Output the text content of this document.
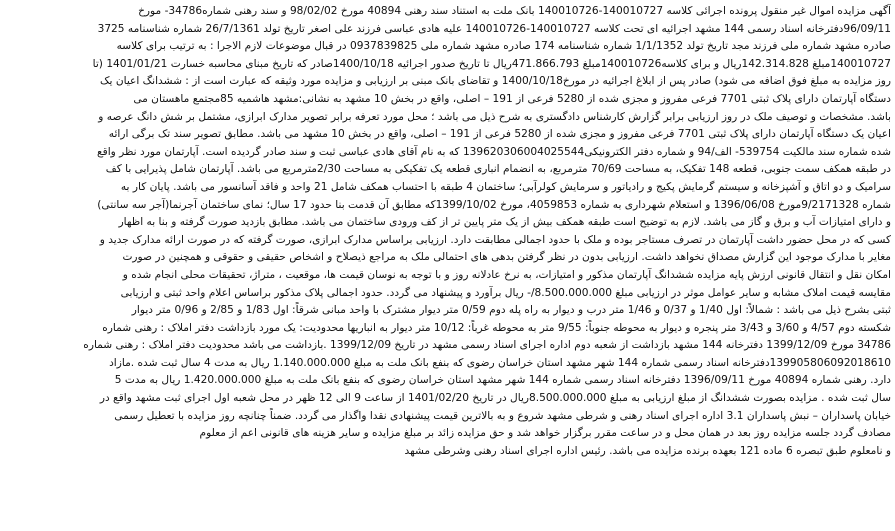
آگهی مزایده اموال غیر منقول پرونده اجرائی کلاسه 140010727-140010726 بانک ملت به استناد سند رهنی 40894 مورخ 98/02/02 و سند رهنی شماره34786- مورخ
96/09/11دفترخانه اسناد رسمی 144 مشهد اجرائیه ای تحت کلاسه 140010727-140010726 علیه هادی عباسی فرزند علی اصغر تاریخ تولد 26/7/1361 شماره شناسنامه 3725
صادره مشهد شماره ملی فرزند مجد تاریخ تولد 1/1/1352 شماره شناسنامه 174 صادره مشهد شماره ملی 0937839825 در قبال موضوعات لازم الاجرا : به ترتیب برای کلاسه
140010727مبلغ 142.314.828ریال و برای کلاسه140010726مبلغ 471.866.793ریال تا تاریخ صدور اجرائیه 1400/10/18صادر که تاریخ مبنای محاسبه خسارت 1401/01/21 (تا
روز مزایده به مبلغ فوق اضافه می شود) صادر پس از ابلاغ اجرائیه در مورخ1400/10/18 و تقاضای بانک مبنی بر ارزیابی و مزایده مورد وثیقه که عبارت است از : ششدانگ اعیان یک
دستگاه آپارتمان دارای پلاک ثبتی 7701 فرعی مفروز و مجزی شده از 5280 فرعی از 191 – اصلی، واقع در بخش 10 مشهد به نشانی:مشهد هاشمیه 85مجتمع ماهستان می
باشد. مشخصات و توصیف ملک در روز ارزیابی برابر گزارش کارشناس دادگستری به شرح ذیل می باشد ؛ محل مورد تعرفه برابر تصویر مدارک ابرازی، مشتمل بر شش دانگ عرصه و
اعیان یک دستگاه آپارتمان دارای پلاک ثبتی 7701 فرعی مفروز و مجزی شده از 5280 فرعی از 191 – اصلی، واقع در بخش 10 مشهد می باشد. مطابق تصویر سند تک برگی ارائه
شده شماره سند مالکیت 539754- الف/94 و شماره دفتر الکترونیکی139620306004025544 که به نام آقای هادی عباسی ثبت و سند صادر گردیده است. آپارتمان مورد نظر واقع
در طبقه همکف سمت جنوبی، قطعه 148 تفکیک، به مساحت 70/69 مترمربع، به انضمام انباری قطعه یک تفکیکی به مساحت 2/30مترمربع می باشد. آپارتمان شامل پذیرایی با کف
سرامیک و دو اتاق و آشپزخانه و سیستم گرمایش پکیج و رادیاتور و سرمایش کولرآبی؛ ساختمان 4 طبقه با احتساب همکف شامل 21 واحد و فاقد آسانسور می باشد. پایان کار به
شماره 9/2171328مورخ 1396/06/08 و استعلام شهرداری به شماره 4059853، مورخ 1399/10/02که مطابق آن قدمت بنا حدود 17 سال؛ نمای ساختمان آجرنما(آجر سه سانتی)
و دارای امتیازات آب و برق و گاز می باشد. لازم به توضیح است طبقه همکف بیش از یک متر پایین تر از کف ورودی ساختمان می باشد. مطابق بازدید صورت گرفته و بنا به اظهار
کسی که در محل حضور داشت آپارتمان در تصرف مستاجر بوده و ملک با حدود اجمالی مطابقت دارد. ارزیابی براساس مدارک ابرازی، صورت گرفته که در صورت ارائه مدارک جدید و
مغایر با مدارک موجود این گزارش مصداق نخواهد داشت. ارزیابی بدون در نظر گرفتن بدهی های احتمالی ملک به مراجع ذیصلاح و اشخاص حقیقی و حقوقی و همچنین در صورت
امکان نقل و انتقال قانونی ارزش پایه مزایده ششدانگ آپارتمان مذکور و امتیازات، به نرخ عادلانه روز و با توجه به نوسان قیمت ها، موقعیت ، متراژ، تحقیقات محلی انجام شده و
مقایسه قیمت املاک مشابه و سایر عوامل موثر در ارزیابی مبلغ 8.500.000.000/- ریال برآورد و پیشنهاد می گردد. حدود اجمالی پلاک مذکور براساس اعلام واحد ثبتی و ارزیابی
ثبتی بشرح ذیل می باشد : شمالاً: اول 1/40 و 0/37 و 1/46 متر درب و دیوار به راه پله دوم 0/59 متر دیوار مشترک با واحد مبانی شرقاً: اول 1/83 و 2/85 و 0/96 متر دیوار
شکسته دوم 4/57 و 3/60 و 3/43 متر پنجره و دیوار به محوطه جنوباً: 9/55 متر به محوطه غرباً: 10/12 متر دیوار به انباریها محدودیت: یک مورد بازداشت دفتر املاک : رهنی شماره
34786 مورخ 1399/12/09 دفترخانه 144 مشهد بازداشت از شعبه دوم اداره اجرای اسناد رسمی مشهد در تاریخ 1399/12/09 .بازداشت می باشد محدودیت دفتر املاک : رهنی شماره
139905806092018610دفترخانه اسناد رسمی شماره 144 شهر مشهد استان خراسان رضوی که بنفع بانک ملت به مبلغ 1.140.000.000 ریال به مدت 4 سال ثبت شده .مازاد
دارد. رهنی شماره 40894 مورخ 1396/09/11 دفترخانه اسناد رسمی شماره 144 شهر مشهد استان خراسان رضوی که بنفع بانک ملت به مبلغ 1.420.000.000 ریال به مدت 5
سال ثبت شده . مزایده بصورت ششدانگ از مبلغ ارزیابی به مبلغ 8.500.000.000ریال در تاریخ 1401/02/20 از ساعت 9 الی 12 ظهر در محل شعبه اول اجرای ثبت مشهد واقع در
خیابان پاسداران – نبش پاسداران 3.1 اداره اجرای اسناد رهنی و شرطی مشهد شروع و به بالاترین قیمت پیشنهادی نقدا واگذار می گردد. ضمناً چنانچه روز مزایده با تعطیل رسمی
مصادف گردد جلسه مزایده روز بعد در همان محل و در ساعت مقرر برگزار خواهد شد و حق مزایده زائد بر مبلغ مزایده و سایر هزینه های قانونی اعم از معلوم
و نامعلوم طبق تبصره 6 ماده 121 بعهده برنده مزایده می باشد. رئیس اداره اجرای اسناد رهنی وشرطی مشهد
